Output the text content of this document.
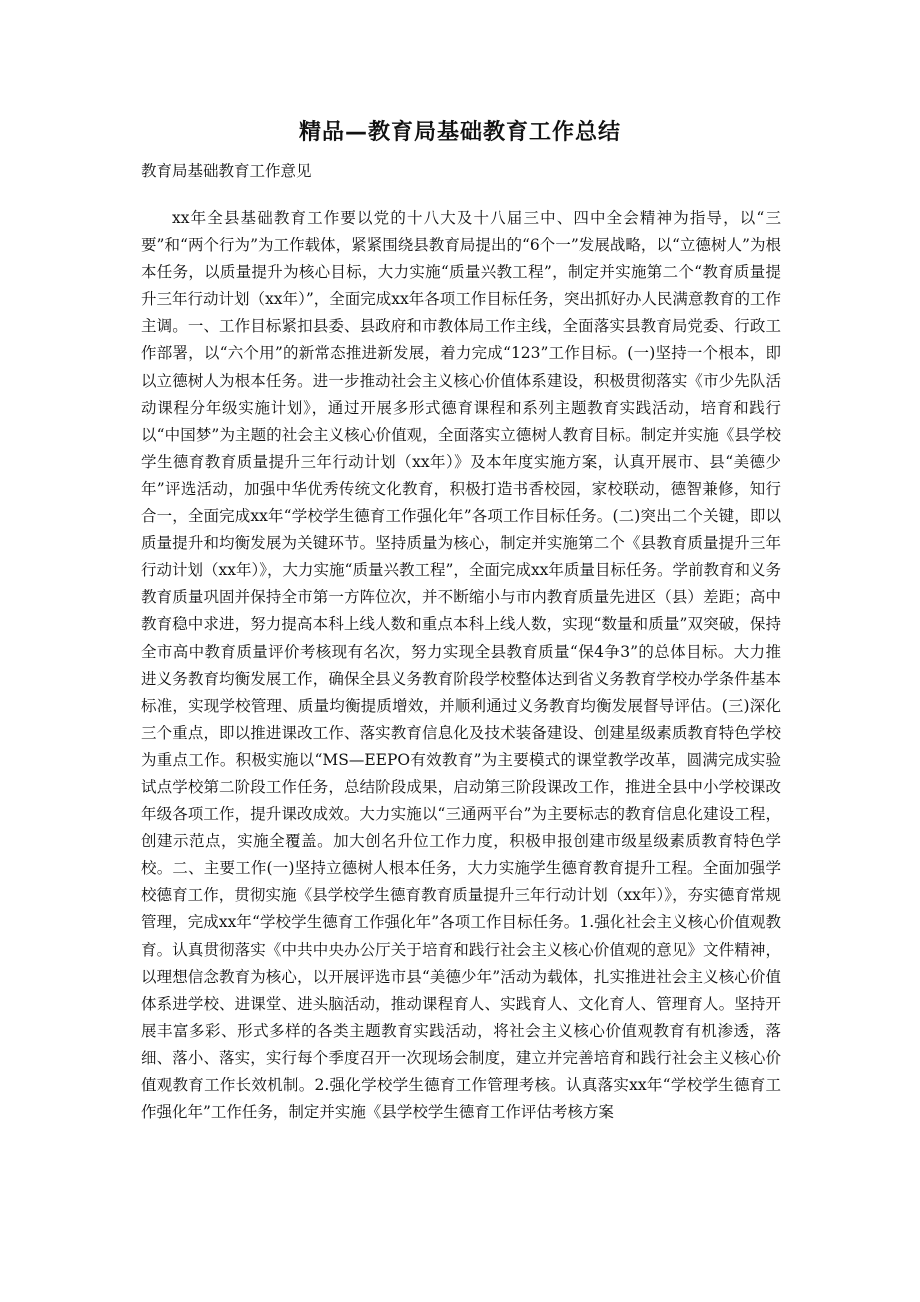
精品—教育局基础教育工作总结

教育局基础教育工作意见

xx年全县基础教育工作要以党的十八大及十八届三中、四中全会精神为指导，以“三要”和“两个行为”为工作载体，紧紧围绕县教育局提出的“6个一”发展战略，以“立德树人”为根本任务，以质量提升为核心目标，大力实施“质量兴教工程”，制定并实施第二个“教育质量提升三年行动计划（xx年）”，全面完成xx年各项工作目标任务，突出抓好办人民满意教育的工作主调。一、工作目标紧扣县委、县政府和市教体局工作主线，全面落实县教育局党委、行政工作部署，以“六个用”的新常态推进新发展，着力完成“123”工作目标。(一)坚持一个根本，即以立德树人为根本任务。进一步推动社会主义核心价值体系建设，积极贯彻落实《市少先队活动课程分年级实施计划》，通过开展多形式德育课程和系列主题教育实践活动，培育和践行以“中国梦”为主题的社会主义核心价值观，全面落实立德树人教育目标。制定并实施《县学校学生德育教育质量提升三年行动计划（xx年）》及本年度实施方案，认真开展市、县“美德少年”评选活动，加强中华优秀传统文化教育，积极打造书香校园，家校联动，德智兼修，知行合一，全面完成xx年“学校学生德育工作强化年”各项工作目标任务。(二)突出二个关键，即以质量提升和均衡发展为关键环节。坚持质量为核心，制定并实施第二个《县教育质量提升三年行动计划（xx年）》，大力实施“质量兴教工程”，全面完成xx年质量目标任务。学前教育和义务教育质量巩固并保持全市第一方阵位次，并不断缩小与市内教育质量先进区（县）差距；高中教育稳中求进，努力提高本科上线人数和重点本科上线人数，实现“数量和质量”双突破，保持全市高中教育质量评价考核现有名次，努力实现全县教育质量“保4争3”的总体目标。大力推进义务教育均衡发展工作，确保全县义务教育阶段学校整体达到省义务教育学校办学条件基本标准，实现学校管理、质量均衡提质增效，并顺利通过义务教育均衡发展督导评估。(三)深化三个重点，即以推进课改工作、落实教育信息化及技术装备建设、创建星级素质教育特色学校为重点工作。积极实施以“MS—EEPO有效教育”为主要模式的课堂教学改革，圆满完成实验试点学校第二阶段工作任务，总结阶段成果，启动第三阶段课改工作，推进全县中小学校课改年级各项工作，提升课改成效。大力实施以“三通两平台”为主要标志的教育信息化建设工程，创建示范点，实施全覆盖。加大创名升位工作力度，积极申报创建市级星级素质教育特色学校。二、主要工作(一)坚持立德树人根本任务，大力实施学生德育教育提升工程。全面加强学校德育工作，贯彻实施《县学校学生德育教育质量提升三年行动计划（xx年）》，夯实德育常规管理，完成xx年“学校学生德育工作强化年”各项工作目标任务。1.强化社会主义核心价值观教育。认真贯彻落实《中共中央办公厅关于培育和践行社会主义核心价值观的意见》文件精神，以理想信念教育为核心，以开展评选市县“美德少年”活动为载体，扎实推进社会主义核心价值体系进学校、进课堂、进头脑活动，推动课程育人、实践育人、文化育人、管理育人。坚持开展丰富多彩、形式多样的各类主题教育实践活动，将社会主义核心价值观教育有机渗透，落细、落小、落实，实行每个季度召开一次现场会制度，建立并完善培育和践行社会主义核心价值观教育工作长效机制。2.强化学校学生德育工作管理考核。认真落实xx年“学校学生德育工作强化年”工作任务，制定并实施《县学校学生德育工作评估考核方案
